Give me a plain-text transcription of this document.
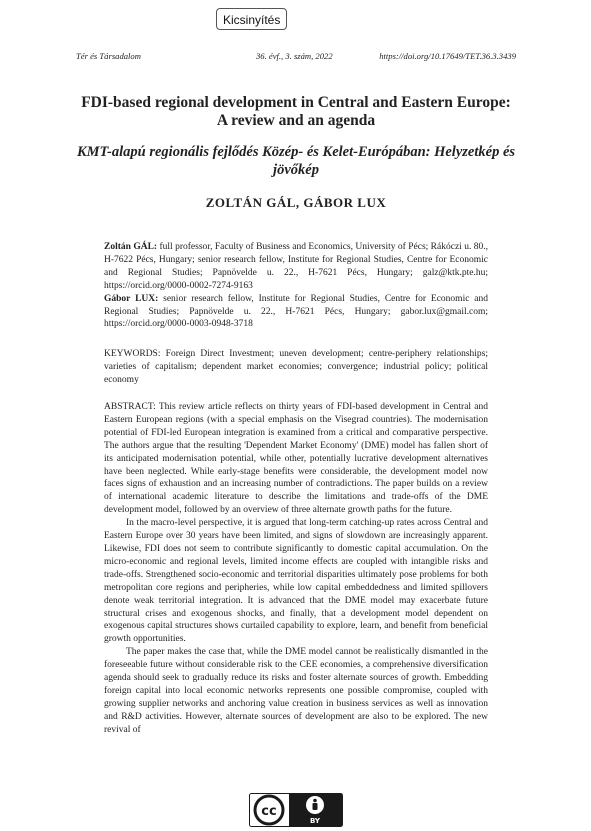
Kicsinyítés
Tér és Társadalom	36. évf., 3. szám, 2022	https://doi.org/10.17649/TET.36.3.3439
FDI-based regional development in Central and Eastern Europe: A review and an agenda
KMT-alapú regionális fejlődés Közép- és Kelet-Európában: Helyzetkép és jövőkép
ZOLTÁN GÁL, GÁBOR LUX

Zoltán GÁL: full professor, Faculty of Business and Economics, University of Pécs; Rákóczi u. 80., H-7622 Pécs, Hungary; senior research fellow, Institute for Regional Studies, Centre for Economic and Regional Studies; Papnövelde u. 22., H-7621 Pécs, Hungary; galz@ktk.pte.hu; https://orcid.org/0000-0002-7274-9163

Gábor LUX: senior research fellow, Institute for Regional Studies, Centre for Economic and Regional Studies; Papnövelde u. 22., H-7621 Pécs, Hungary; gabor.lux@gmail.com; https://orcid.org/0000-0003-0948-3718

KEYWORDS: Foreign Direct Investment; uneven development; centre-periphery relationships; varieties of capitalism; dependent market economies; convergence; industrial policy; political economy

ABSTRACT: This review article reflects on thirty years of FDI-based development in Central and Eastern European regions (with a special emphasis on the Visegrad countries). The modernisation potential of FDI-led European integration is examined from a critical and comparative perspective. The authors argue that the resulting 'Dependent Market Economy' (DME) model has fallen short of its anticipated modernisation potential, while other, potentially lucrative development alternatives have been neglected. While early-stage benefits were considerable, the development model now faces signs of exhaustion and an increasing number of contradictions. The paper builds on a review of international academic literature to describe the limitations and trade-offs of the DME development model, followed by an overview of three alternate growth paths for the future.

In the macro-level perspective, it is argued that long-term catching-up rates across Central and Eastern Europe over 30 years have been limited, and signs of slowdown are increasingly apparent. Likewise, FDI does not seem to contribute significantly to domestic capital accumulation. On the micro-economic and regional levels, limited income effects are coupled with intangible risks and trade-offs. Strengthened socio-economic and territorial disparities ultimately pose problems for both metropolitan core regions and peripheries, while low capital embeddedness and limited spillovers denote weak territorial integration. It is advanced that the DME model may exacerbate future structural crises and exogenous shocks, and finally, that a development model dependent on exogenous capital structures shows curtailed capability to explore, learn, and benefit from beneficial growth opportunities.

The paper makes the case that, while the DME model cannot be realistically dismantled in the foreseeable future without considerable risk to the CEE economies, a comprehensive diversification agenda should seek to gradually reduce its risks and foster alternate sources of growth. Embedding foreign capital into local economic networks represents one possible compromise, coupled with growing supplier networks and anchoring value creation in business services as well as innovation and R&D activities. However, alternate sources of development are also to be explored. The new revival of

cc
BY
